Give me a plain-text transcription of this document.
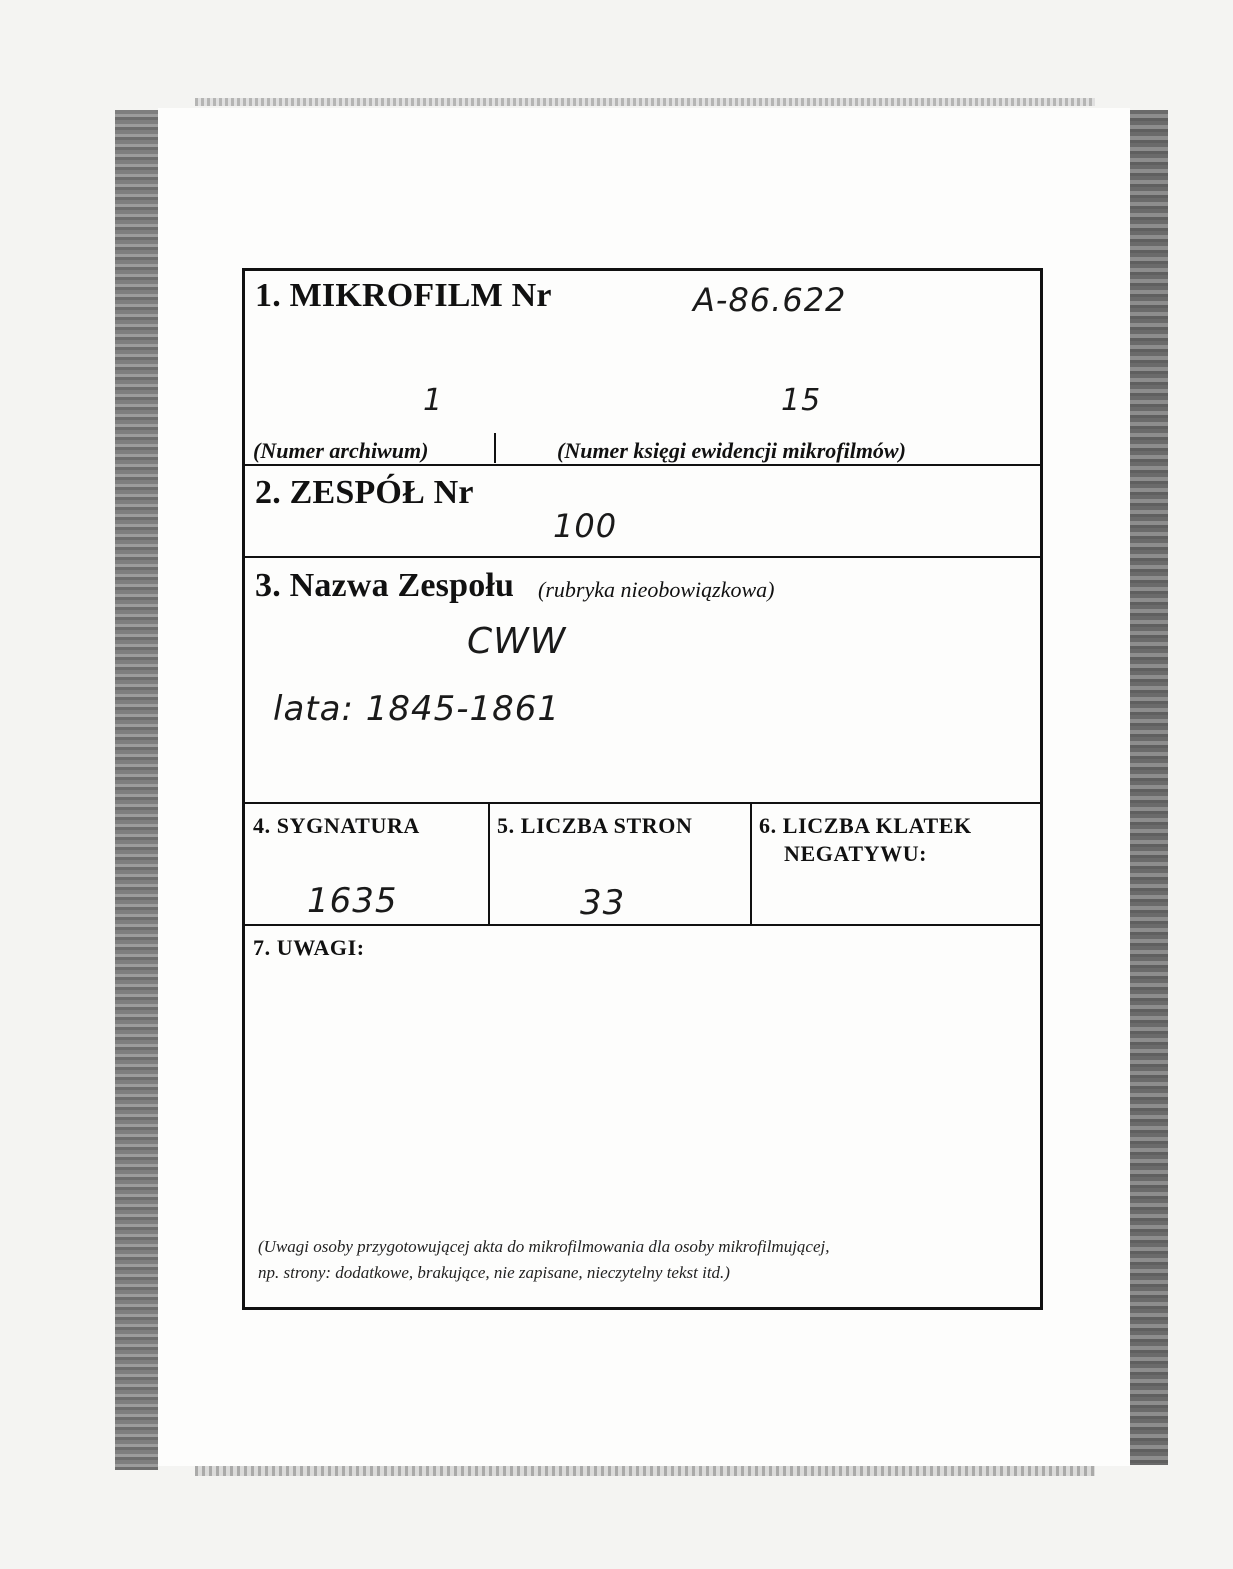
1. MIKROFILM Nr	A-86.622
1	15
(Numer archiwum)	(Numer księgi ewidencji mikrofilmów)
2. ZESPÓŁ Nr
100
3. Nazwa Zespołu (rubryka nieobowiązkowa)
CWW
lata: 1845-1861
4. SYGNATURA
1635
5. LICZBA STRON
33
6. LICZBA KLATEK
NEGATYWU:
7. UWAGI:
(Uwagi osoby przygotowującej akta do mikrofilmowania dla osoby mikrofilmującej,
np. strony: dodatkowe, brakujące, nie zapisane, nieczytelny tekst itd.)
